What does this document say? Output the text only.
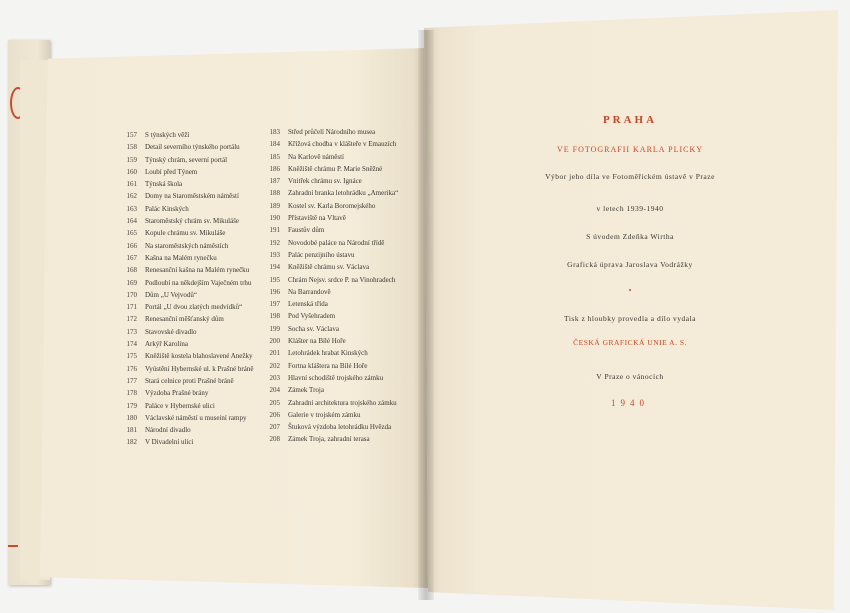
157 S týnských věží
158 Detail severního týnského portálu
159 Týnský chrám, severní portál
160 Loubí před Týnem
161 Týnská škola
162 Domy na Staroměstském náměstí
163 Palác Kinských
164 Staroměstský chrám sv. Mikuláše
165 Kopule chrámu sv. Mikuláše
166 Na staroměstských náměstích
167 Kašna na Malém rynečku
168 Renesanční kašna na Malém rynečku
169 Podloubí na někdejším Vaječném trhu
170 Dům „U Vejvodů“
171 Portál „U dvou zlatých medvídků“
172 Renesanční měšťanský dům
173 Stavovské divadlo
174 Arkýř Karolina
175 Kněžiště kostela blahoslavené Anežky
176 Vyústění Hybernské ul. k Prašné bráně
177 Stará celnice proti Prašné bráně
178 Výzdoba Prašné brány
179 Paláce v Hybernské ulici
180 Václavské náměstí u museiní rampy
181 Národní divadlo
182 V Divadelní ulici
183 Střed průčelí Národního musea
184 Křížová chodba v klášteře v Emauzích
185 Na Karlově náměstí
186 Kněžiště chrámu P. Marie Sněžné
187 Vnitřek chrámu sv. Ignáce
188 Zahradní branka letohrádku „Amerika“
189 Kostel sv. Karla Boromejského
190 Přístaviště na Vltavě
191 Faustův dům
192 Novodobé paláce na Národní třídě
193 Palác penzijního ústavu
194 Kněžiště chrámu sv. Václava
195 Chrám Nejsv. srdce P. na Vinohradech
196 Na Barrandově
197 Letenská třída
198 Pod Vyšehradem
199 Socha sv. Václava
200 Klášter na Bílé Hoře
201 Letohrádek hrabat Kinských
202 Fortna kláštera na Bílé Hoře
203 Hlavní schodiště trojského zámku
204 Zámek Troja
205 Zahradní architektura trojského zámku
206 Galerie v trojském zámku
207 Štuková výzdoba letohrádku Hvězda
208 Zámek Troja, zahradní terasa
PRAHA
VE FOTOGRAFII KARLA PLICKY
Výbor jeho díla ve Fotoměřickém ústavě v Praze
v letech 1939-1940
S úvodem Zdeňka Wirtha
Grafická úprava Jaroslava Vodrážky
•
Tisk z hloubky provedla a dílo vydala
ČESKÁ GRAFICKÁ UNIE A. S.
V Praze o vánocích
1940
